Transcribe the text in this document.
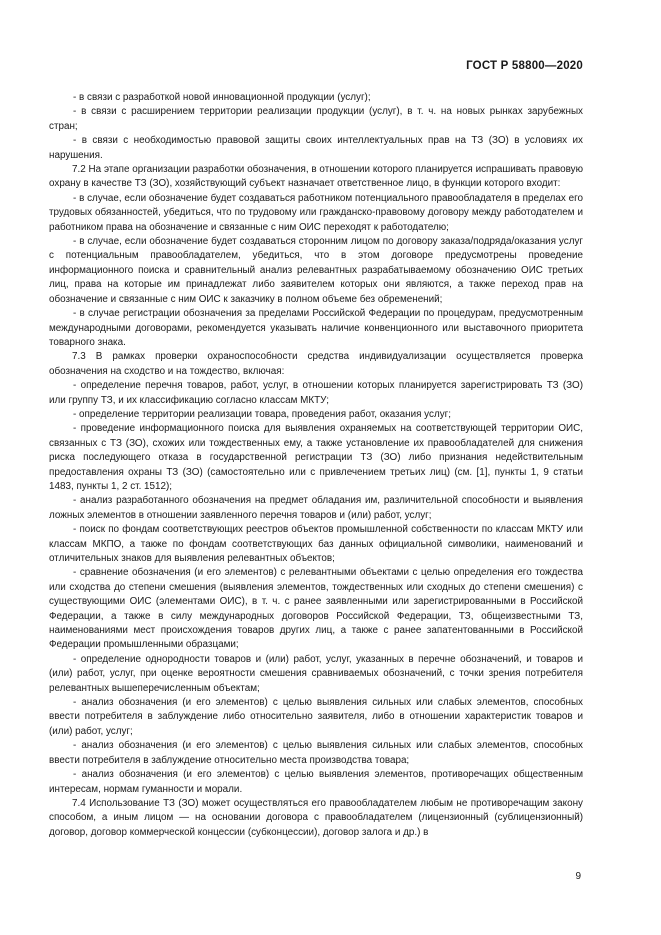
ГОСТ Р 58800—2020

- в связи с разработкой новой инновационной продукции (услуг);

- в связи с расширением территории реализации продукции (услуг), в т. ч. на новых рынках зарубежных стран;

- в связи с необходимостью правовой защиты своих интеллектуальных прав на ТЗ (ЗО) в условиях их нарушения.

7.2 На этапе организации разработки обозначения, в отношении которого планируется испрашивать правовую охрану в качестве ТЗ (ЗО), хозяйствующий субъект назначает ответственное лицо, в функции которого входит:

- в случае, если обозначение будет создаваться работником потенциального правообладателя в пределах его трудовых обязанностей, убедиться, что по трудовому или гражданско-правовому договору между работодателем и работником права на обозначение и связанные с ним ОИС переходят к работодателю;

- в случае, если обозначение будет создаваться сторонним лицом по договору заказа/подряда/оказания услуг с потенциальным правообладателем, убедиться, что в этом договоре предусмотрены проведение информационного поиска и сравнительный анализ релевантных разрабатываемому обозначению ОИС третьих лиц, права на которые им принадлежат либо заявителем которых они являются, а также переход прав на обозначение и связанные с ним ОИС к заказчику в полном объеме без обременений;

- в случае регистрации обозначения за пределами Российской Федерации по процедурам, предусмотренным международными договорами, рекомендуется указывать наличие конвенционного или выставочного приоритета товарного знака.

7.3 В рамках проверки охраноспособности средства индивидуализации осуществляется проверка обозначения на сходство и на тождество, включая:

- определение перечня товаров, работ, услуг, в отношении которых планируется зарегистрировать ТЗ (ЗО) или группу ТЗ, и их классификацию согласно классам МКТУ;

- определение территории реализации товара, проведения работ, оказания услуг;

- проведение информационного поиска для выявления охраняемых на соответствующей территории ОИС, связанных с ТЗ (ЗО), схожих или тождественных ему, а также установление их правообладателей для снижения риска последующего отказа в государственной регистрации ТЗ (ЗО) либо признания недействительным предоставления охраны ТЗ (ЗО) (самостоятельно или с привлечением третьих лиц) (см. [1], пункты 1, 9 статьи 1483, пункты 1, 2 ст. 1512);

- анализ разработанного обозначения на предмет обладания им, различительной способности и выявления ложных элементов в отношении заявленного перечня товаров и (или) работ, услуг;

- поиск по фондам соответствующих реестров объектов промышленной собственности по классам МКТУ или классам МКПО, а также по фондам соответствующих баз данных официальной символики, наименований и отличительных знаков для выявления релевантных объектов;

- сравнение обозначения (и его элементов) с релевантными объектами с целью определения его тождества или сходства до степени смешения (выявления элементов, тождественных или сходных до степени смешения) с существующими ОИС (элементами ОИС), в т. ч. с ранее заявленными или зарегистрированными в Российской Федерации, а также в силу международных договоров Российской Федерации, ТЗ, общеизвестными ТЗ, наименованиями мест происхождения товаров других лиц, а также с ранее запатентованными в Российской Федерации промышленными образцами;

- определение однородности товаров и (или) работ, услуг, указанных в перечне обозначений, и товаров и (или) работ, услуг, при оценке вероятности смешения сравниваемых обозначений, с точки зрения потребителя релевантных вышеперечисленным объектам;

- анализ обозначения (и его элементов) с целью выявления сильных или слабых элементов, способных ввести потребителя в заблуждение либо относительно заявителя, либо в отношении характеристик товаров и (или) работ, услуг;

- анализ обозначения (и его элементов) с целью выявления сильных или слабых элементов, способных ввести потребителя в заблуждение относительно места производства товара;

- анализ обозначения (и его элементов) с целью выявления элементов, противоречащих общественным интересам, нормам гуманности и морали.

7.4 Использование ТЗ (ЗО) может осуществляться его правообладателем любым не противоречащим закону способом, а иным лицом — на основании договора с правообладателем (лицензионный (сублицензионный) договор, договор коммерческой концессии (субконцессии), договор залога и др.) в

9
